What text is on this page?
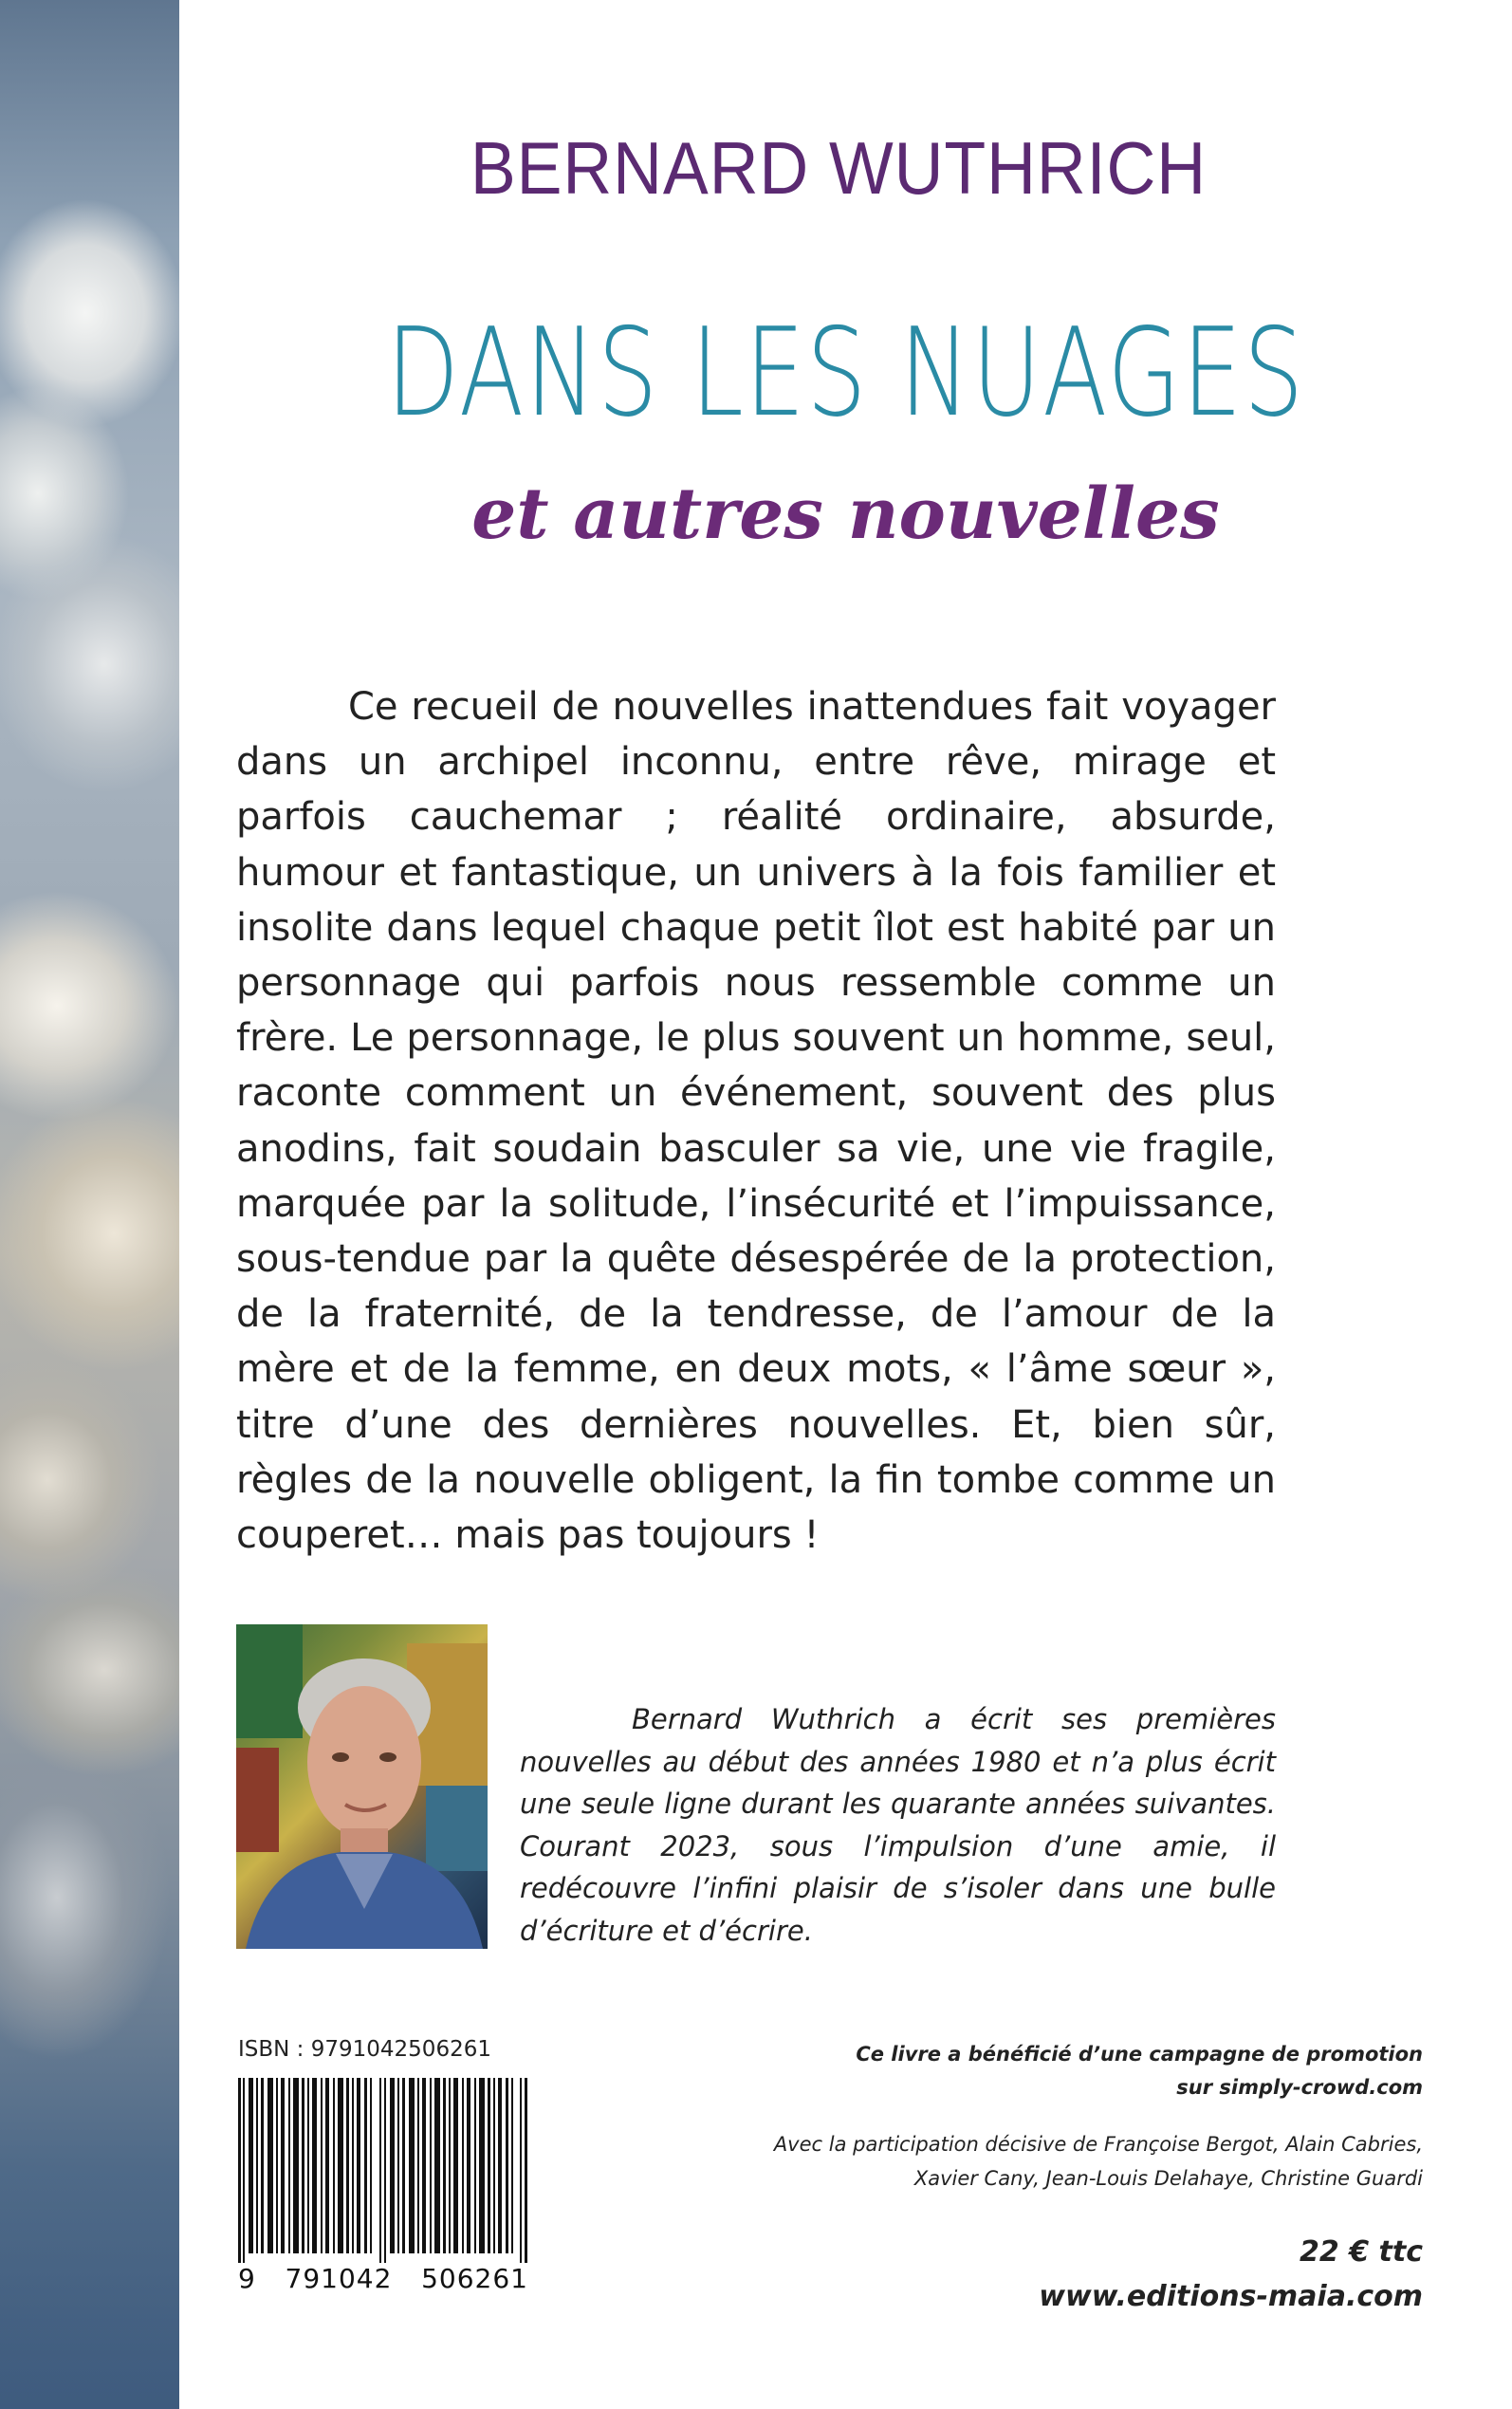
BERNARD WUTHRICH
DANS LES NUAGES
et autres nouvelles

Ce recueil de nouvelles inattendues fait voyager dans un archipel inconnu, entre rêve, mirage et parfois cauchemar ; réalité ordinaire, absurde, humour et fantastique, un univers à la fois familier et insolite dans lequel chaque petit îlot est habité par un personnage qui parfois nous ressemble comme un frère. Le personnage, le plus souvent un homme, seul, raconte comment un événement, souvent des plus anodins, fait soudain basculer sa vie, une vie fragile, marquée par la solitude, l’insécurité et l’impuissance, sous-tendue par la quête désespérée de la protection, de la fraternité, de la tendresse, de l’amour de la mère et de la femme, en deux mots, « l’âme sœur », titre d’une des dernières nouvelles. Et, bien sûr, règles de la nouvelle obligent, la fin tombe comme un couperet… mais pas toujours !

Bernard Wuthrich a écrit ses premières nouvelles au début des années 1980 et n’a plus écrit une seule ligne durant les quarante années suivantes. Courant 2023, sous l’impulsion d’une amie, il redécouvre l’infini plaisir de s’isoler dans une bulle d’écriture et d’écrire.

ISBN : 9791042506261
9 791042 506261
Ce livre a bénéficié d’une campagne de promotion
sur simply-crowd.com
Avec la participation décisive de Françoise Bergot, Alain Cabries,
Xavier Cany, Jean-Louis Delahaye, Christine Guardi
22 € ttc
www.editions-maia.com
